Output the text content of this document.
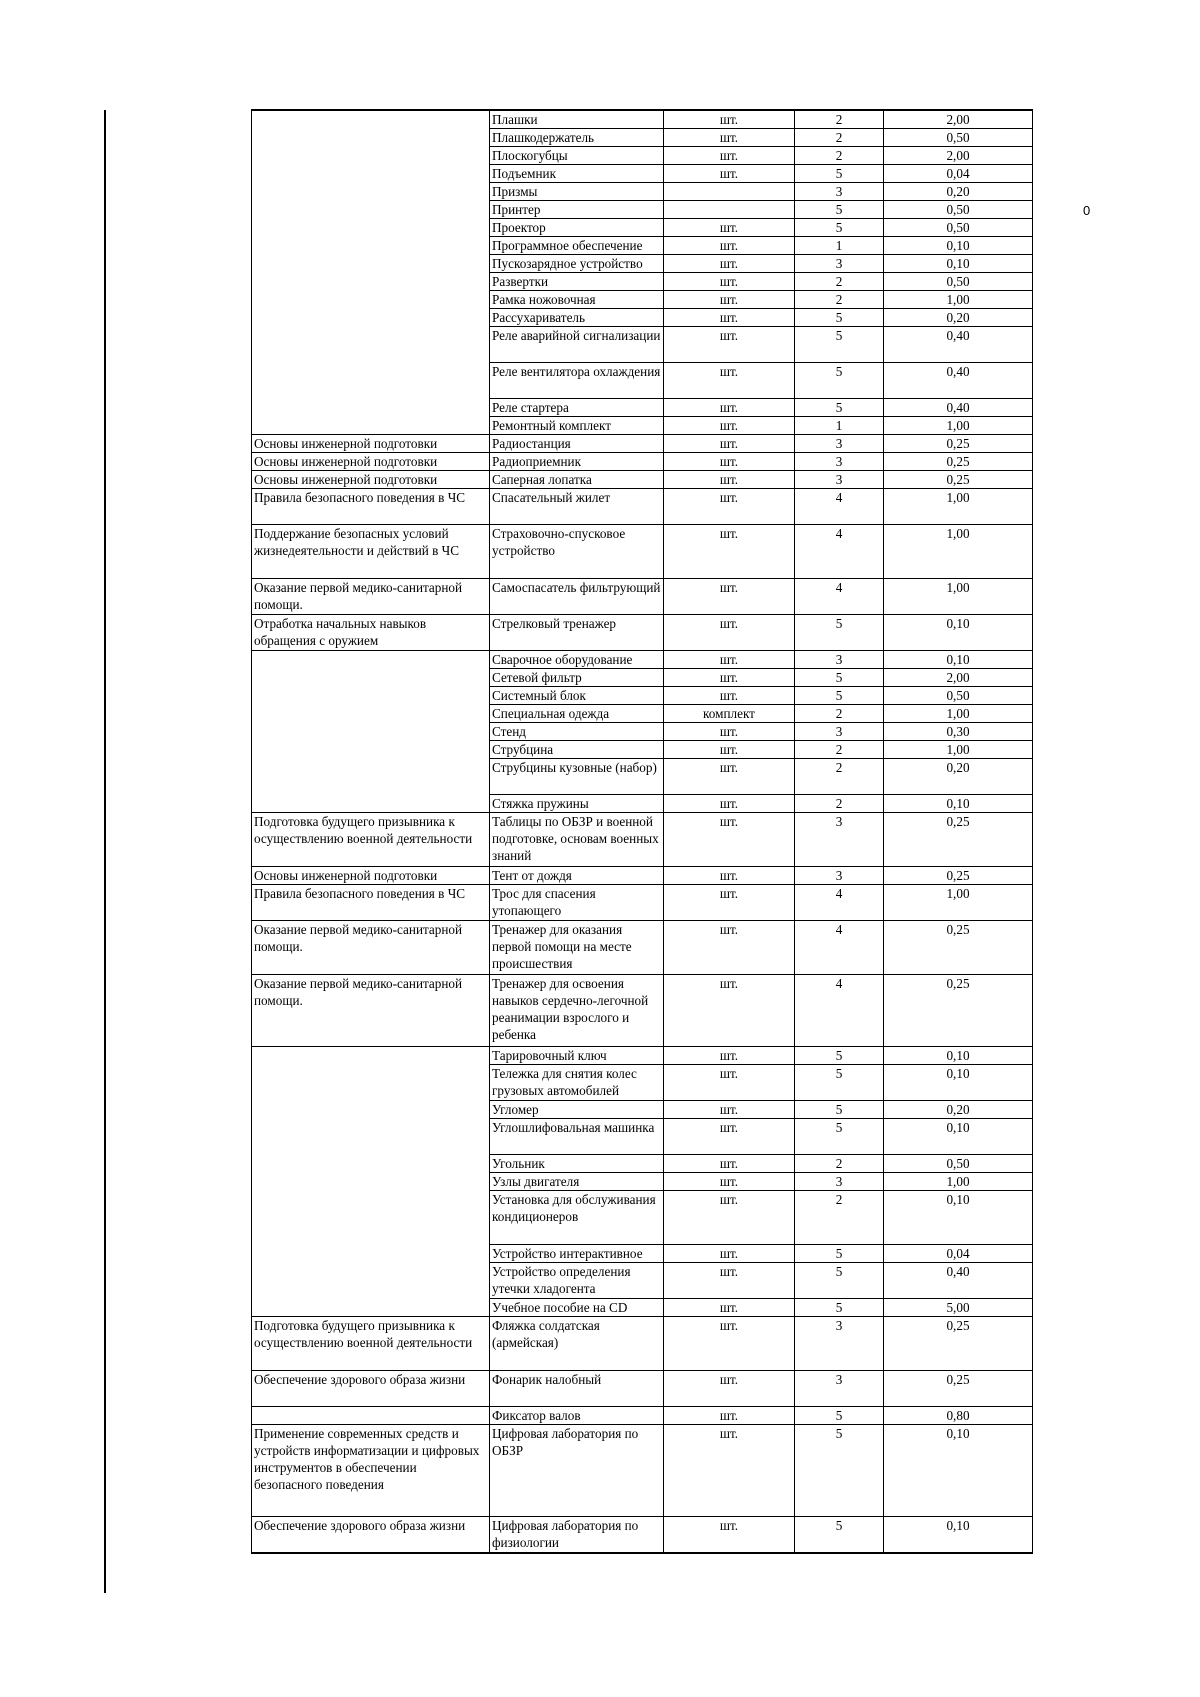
0
	Плашки	шт.	2	2,00
	Плашкодержатель	шт.	2	0,50
	Плоскогубцы	шт.	2	2,00
	Подъемник	шт.	5	0,04
	Призмы		3	0,20
	Принтер		5	0,50
	Проектор	шт.	5	0,50
	Программное обеспечение	шт.	1	0,10
	Пускозарядное устройство	шт.	3	0,10
	Развертки	шт.	2	0,50
	Рамка ножовочная	шт.	2	1,00
	Рассухариватель	шт.	5	0,20
	Реле аварийной сигнализации	шт.	5	0,40
	Реле вентилятора охлаждения	шт.	5	0,40
	Реле стартера	шт.	5	0,40
	Ремонтный комплект	шт.	1	1,00
Основы инженерной подготовки	Радиостанция	шт.	3	0,25
Основы инженерной подготовки	Радиоприемник	шт.	3	0,25
Основы инженерной подготовки	Саперная лопатка	шт.	3	0,25
Правила безопасного поведения в ЧС	Спасательный жилет	шт.	4	1,00
Поддержание безопасных условий жизнедеятельности и действий в ЧС	Страховочно-спусковое устройство	шт.	4	1,00
Оказание первой медико-санитарной помощи.	Самоспасатель фильтрующий	шт.	4	1,00
Отработка начальных навыков обращения с оружием	Стрелковый тренажер	шт.	5	0,10
	Сварочное оборудование	шт.	3	0,10
	Сетевой фильтр	шт.	5	2,00
	Системный блок	шт.	5	0,50
	Специальная одежда	комплект	2	1,00
	Стенд	шт.	3	0,30
	Струбцина	шт.	2	1,00
	Струбцины кузовные (набор)	шт.	2	0,20
	Стяжка пружины	шт.	2	0,10
Подготовка будущего призывника к осуществлению военной деятельности	Таблицы по ОБЗР и военной подготовке, основам военных знаний	шт.	3	0,25
Основы инженерной подготовки	Тент от дождя	шт.	3	0,25
Правила безопасного поведения в ЧС	Трос для спасения утопающего	шт.	4	1,00
Оказание первой медико-санитарной помощи.	Тренажер для оказания первой помощи на месте происшествия	шт.	4	0,25
Оказание первой медико-санитарной помощи.	Тренажер для освоения навыков сердечно-легочной реанимации взрослого и ребенка	шт.	4	0,25
	Тарировочный ключ	шт.	5	0,10
	Тележка для снятия колес грузовых автомобилей	шт.	5	0,10
	Угломер	шт.	5	0,20
	Углошлифовальная машинка	шт.	5	0,10
	Угольник	шт.	2	0,50
	Узлы двигателя	шт.	3	1,00
	Установка для обслуживания кондиционеров	шт.	2	0,10
	Устройство интерактивное	шт.	5	0,04
	Устройство определения утечки хладогента	шт.	5	0,40
	Учебное пособие на CD	шт.	5	5,00
Подготовка будущего призывника к осуществлению военной деятельности	Фляжка солдатская (армейская)	шт.	3	0,25
Обеспечение здорового образа жизни	Фонарик налобный	шт.	3	0,25
	Фиксатор валов	шт.	5	0,80
Применение современных средств и устройств информатизации и цифровых инструментов в обеспечении безопасного поведения	Цифровая лаборатория по ОБЗР	шт.	5	0,10
Обеспечение здорового образа жизни	Цифровая лаборатория по физиологии	шт.	5	0,10
